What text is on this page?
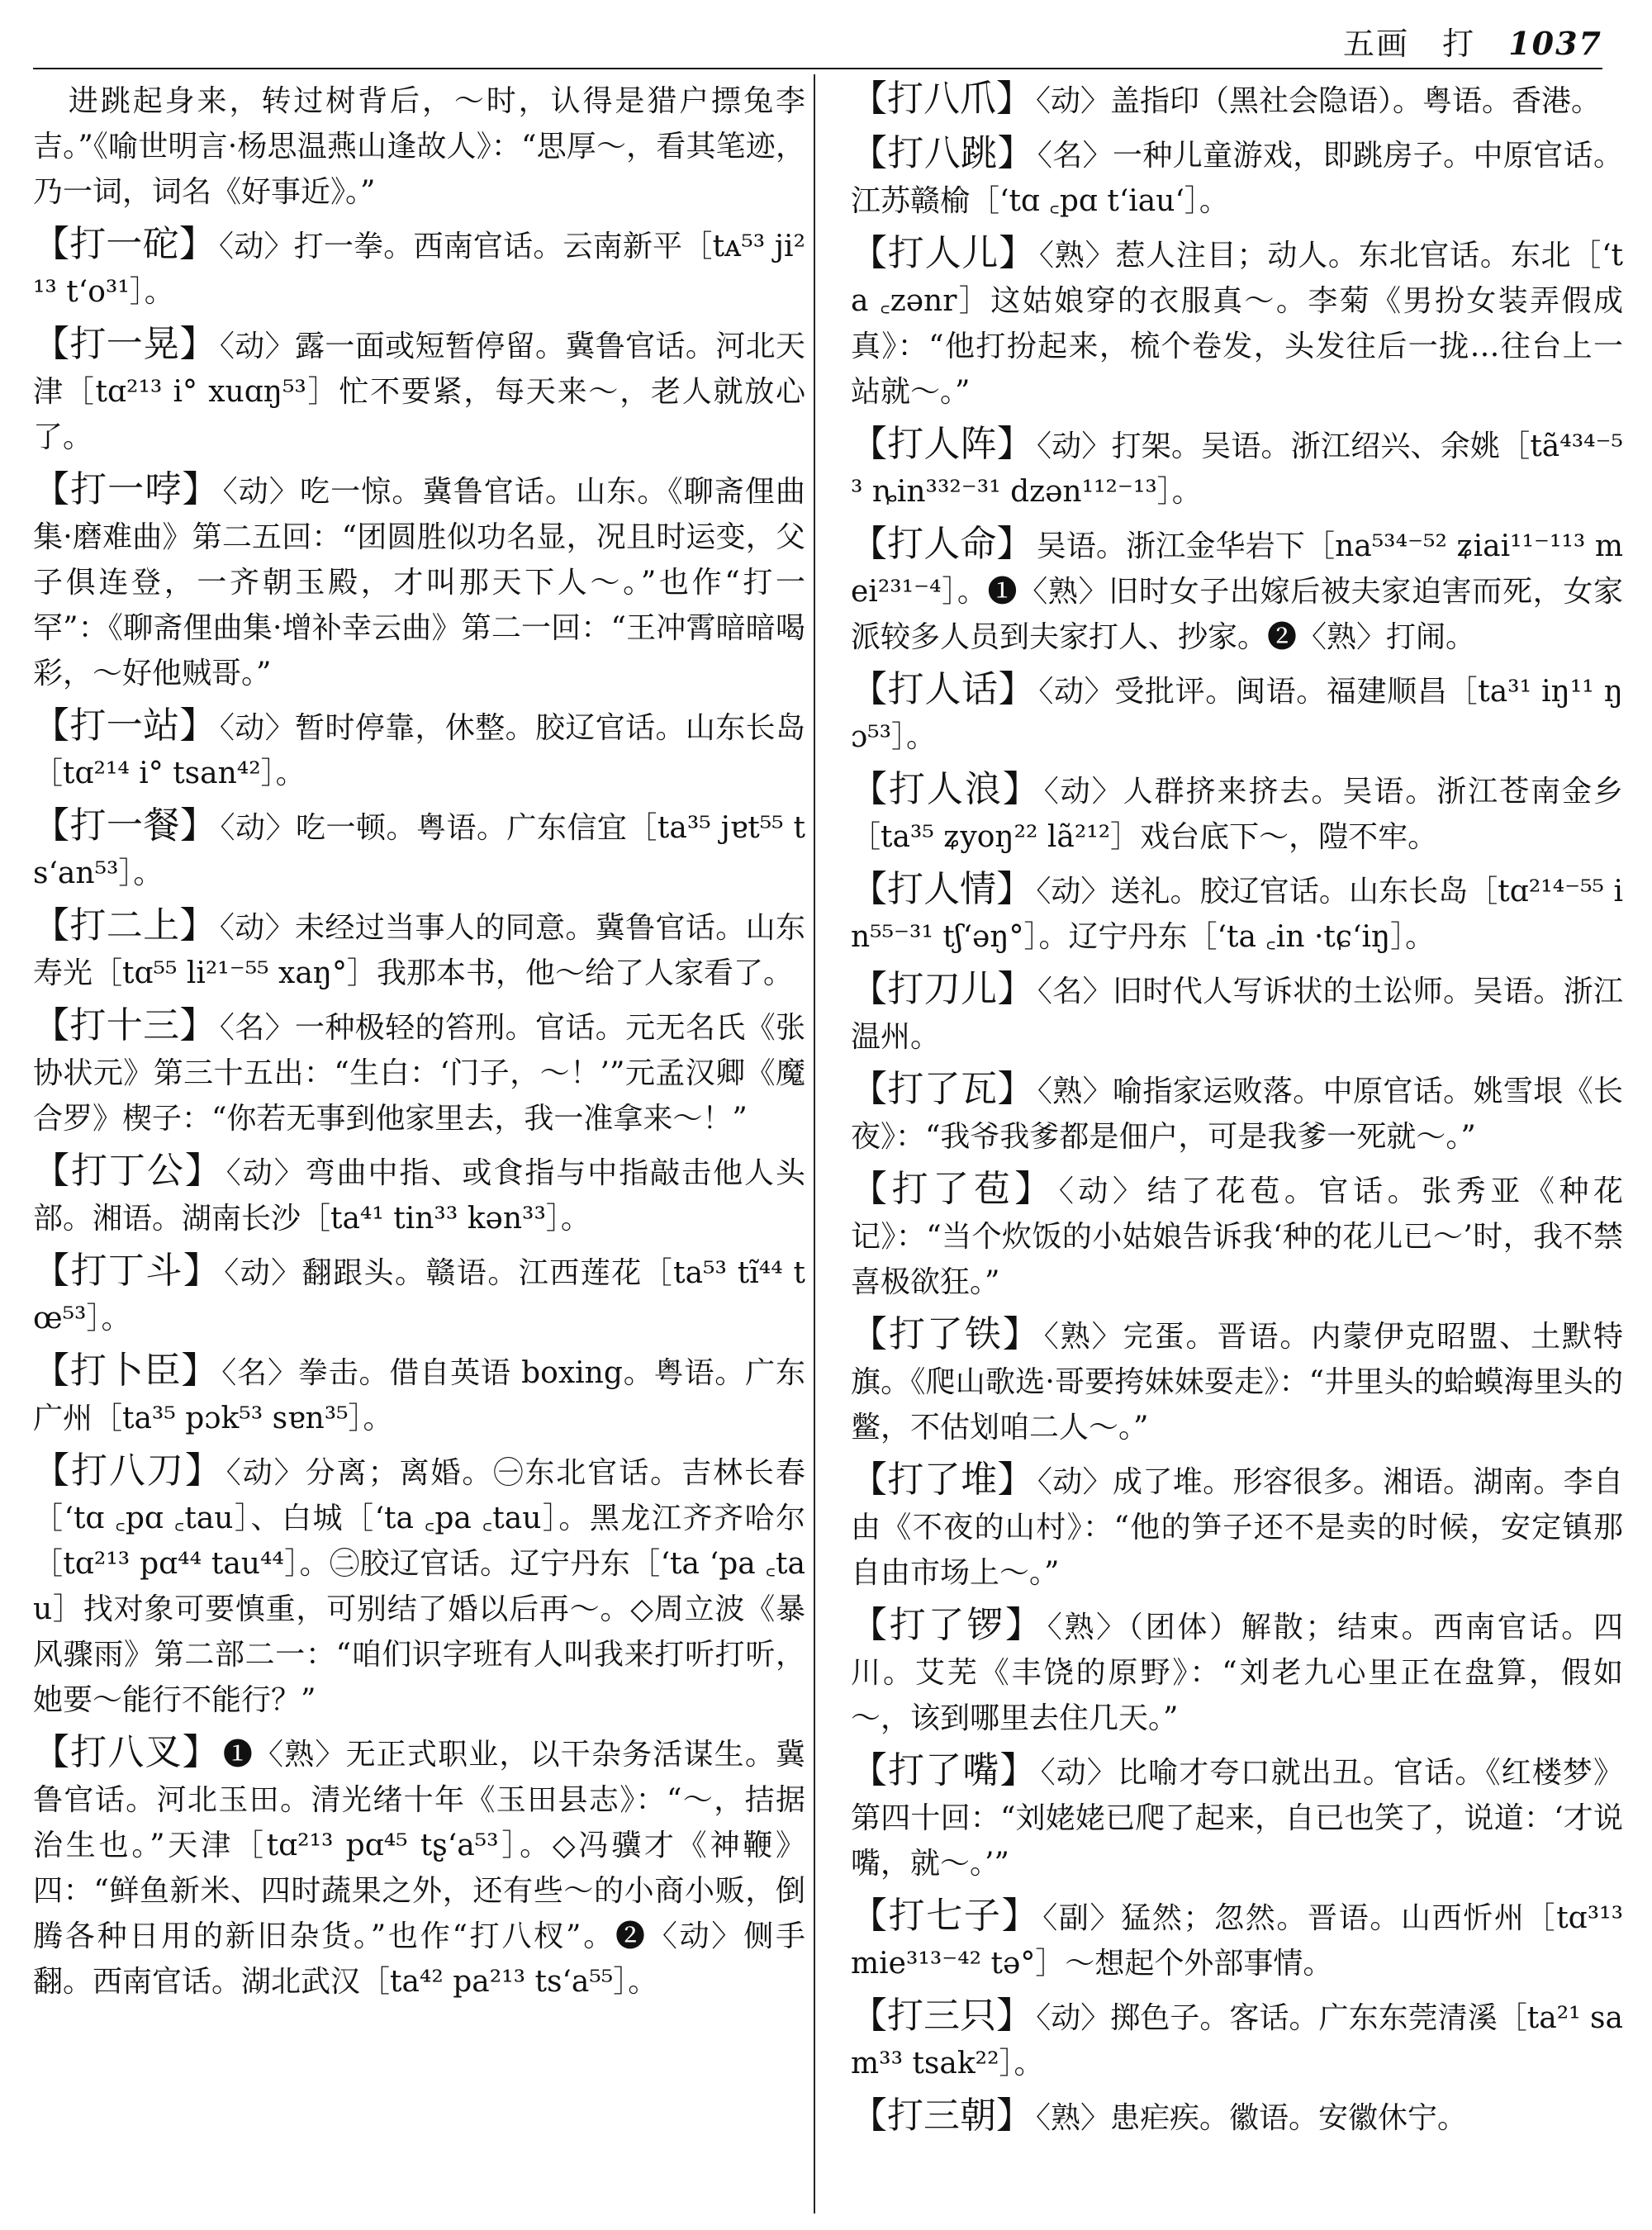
五画 打 1037

　进跳起身来，转过树背后，～时，认得是猎户摽兔李吉。”《喻世明言·杨思温燕山逢故人》：“思厚～，看其笔迹，乃一词，词名《好事近》。”

【打一砣】 〈动〉打一拳。西南官话。云南新平［tᴀ⁵³ ji²¹³ t‘o³¹］。

【打一晃】 〈动〉露一面或短暂停留。冀鲁官话。河北天津［tɑ²¹³ i° xuɑŋ⁵³］忙不要紧，每天来～，老人就放心了。

【打一哱】 〈动〉吃一惊。冀鲁官话。山东。《聊斋俚曲集·磨难曲》第二五回：“团圆胜似功名显，况且时运变，父子俱连登，一齐朝玉殿，才叫那天下人～。”也作“打一罕”：《聊斋俚曲集·增补幸云曲》第二一回：“王冲霄暗暗喝彩，～好他贼哥。”

【打一站】 〈动〉暂时停靠，休整。胶辽官话。山东长岛［tɑ²¹⁴ i° tsan⁴²］。

【打一餐】 〈动〉吃一顿。粤语。广东信宜［ta³⁵ jɐt⁵⁵ ts‘an⁵³］。

【打二上】 〈动〉未经过当事人的同意。冀鲁官话。山东寿光［tɑ⁵⁵ li²¹⁻⁵⁵ xaŋ°］我那本书，他～给了人家看了。

【打十三】 〈名〉一种极轻的笞刑。官话。元无名氏《张协状元》第三十五出：“生白：‘门子，～！’”元孟汉卿《魔合罗》楔子：“你若无事到他家里去，我一准拿来～！”

【打丁公】 〈动〉弯曲中指、或食指与中指敲击他人头部。湘语。湖南长沙［ta⁴¹ tin³³ kən³³］。

【打丁斗】 〈动〉翻跟头。赣语。江西莲花［ta⁵³ tĩ⁴⁴ tœ⁵³］。

【打卜臣】 〈名〉拳击。借自英语 boxing。粤语。广东广州［ta³⁵ pɔk⁵³ sɐn³⁵］。

【打八刀】 〈动〉分离；离婚。㊀东北官话。吉林长春［‘tɑ ꜀pɑ ꜀tau］、白城［‘ta ꜀pa ꜀tau］。黑龙江齐齐哈尔［tɑ²¹³ pɑ⁴⁴ tau⁴⁴］。㊁胶辽官话。辽宁丹东［‘ta ‘pa ꜀tau］找对象可要慎重，可别结了婚以后再～。◇周立波《暴风骤雨》第二部二一：“咱们识字班有人叫我来打听打听，她要～能行不能行？”

【打八叉】 ❶〈熟〉无正式职业，以干杂务活谋生。冀鲁官话。河北玉田。清光绪十年《玉田县志》：“～，拮据治生也。”天津［tɑ²¹³ pɑ⁴⁵ tʂ‘a⁵³］。◇冯骥才《神鞭》四：“鲜鱼新米、四时蔬果之外，还有些～的小商小贩，倒腾各种日用的新旧杂货。”也作“打八杈”。❷〈动〉侧手翻。西南官话。湖北武汉［ta⁴² pa²¹³ ts‘a⁵⁵］。

【打八爪】 〈动〉盖指印（黑社会隐语）。粤语。香港。

【打八跳】 〈名〉一种儿童游戏，即跳房子。中原官话。江苏赣榆［‘tɑ ꜀pɑ t‘iau‘］。

【打人儿】 〈熟〉惹人注目；动人。东北官话。东北［‘ta ꜀zənr］这姑娘穿的衣服真～。李菊《男扮女装弄假成真》：“他打扮起来，梳个卷发，头发往后一拢…往台上一站就～。”

【打人阵】 〈动〉打架。吴语。浙江绍兴、余姚［tã⁴³⁴⁻⁵³ ȵin³³²⁻³¹ dzən¹¹²⁻¹³］。

【打人命】 吴语。浙江金华岩下［na⁵³⁴⁻⁵² ʑiai¹¹⁻¹¹³ mei²³¹⁻⁴］。❶〈熟〉旧时女子出嫁后被夫家迫害而死，女家派较多人员到夫家打人、抄家。❷〈熟〉打闹。

【打人话】 〈动〉受批评。闽语。福建顺昌［ta³¹ iŋ¹¹ ŋɔ⁵³］。

【打人浪】 〈动〉人群挤来挤去。吴语。浙江苍南金乡［ta³⁵ ʑyoŋ²² lã²¹²］戏台底下～，隑不牢。

【打人情】 〈动〉送礼。胶辽官话。山东长岛［tɑ²¹⁴⁻⁵⁵ in⁵⁵⁻³¹ tʃ‘əŋ°］。辽宁丹东［‘ta ꜀in ·tɕ‘iŋ］。

【打刀儿】 〈名〉旧时代人写诉状的土讼师。吴语。浙江温州。

【打了瓦】 〈熟〉喻指家运败落。中原官话。姚雪垠《长夜》：“我爷我爹都是佃户，可是我爹一死就～。”

【打了苞】 〈动〉结了花苞。官话。张秀亚《种花记》：“当个炊饭的小姑娘告诉我‘种的花儿已～’时，我不禁喜极欲狂。”

【打了铁】 〈熟〉完蛋。晋语。内蒙伊克昭盟、土默特旗。《爬山歌选·哥要挎妹妹耍走》：“井里头的蛤蟆海里头的鳖，不估划咱二人～。”

【打了堆】 〈动〉成了堆。形容很多。湘语。湖南。李自由《不夜的山村》：“他的笋子还不是卖的时候，安定镇那自由市场上～。”

【打了锣】 〈熟〉（团体）解散；结束。西南官话。四川。艾芜《丰饶的原野》：“刘老九心里正在盘算，假如～，该到哪里去住几天。”

【打了嘴】 〈动〉比喻才夸口就出丑。官话。《红楼梦》第四十回：“刘姥姥已爬了起来，自已也笑了，说道：‘才说嘴，就～。’”

【打七子】 〈副〉猛然；忽然。晋语。山西忻州［tɑ³¹³ mie³¹³⁻⁴² tə°］～想起个外部事情。

【打三只】 〈动〉掷色子。客话。广东东莞清溪［ta²¹ sam³³ tsak²²］。

【打三朝】 〈熟〉患疟疾。徽语。安徽休宁。
